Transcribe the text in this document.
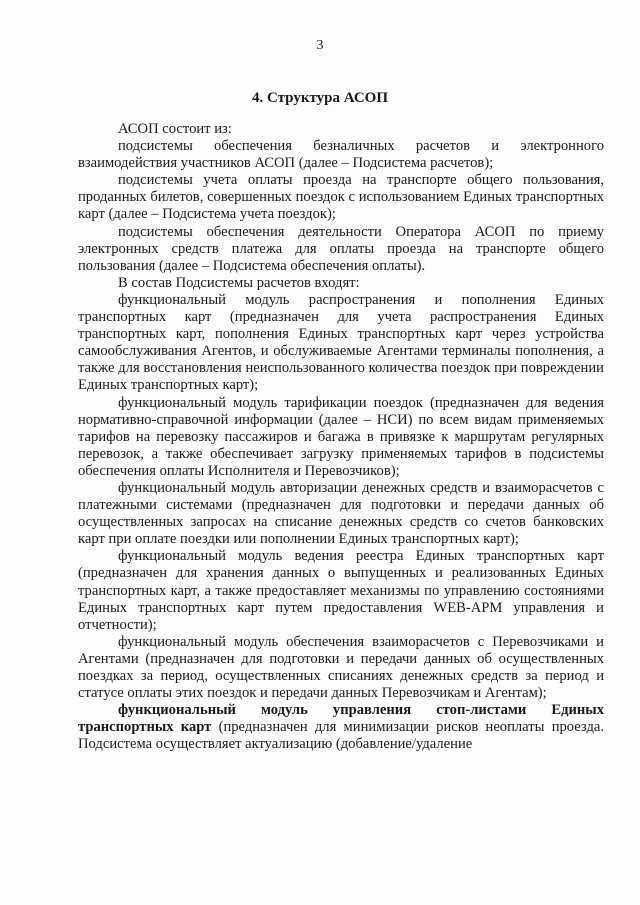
3
4. Структура АСОП

АСОП состоит из:

подсистемы обеспечения безналичных расчетов и электронного взаимодействия участников АСОП (далее – Подсистема расчетов);

подсистемы учета оплаты проезда на транспорте общего пользования, проданных билетов, совершенных поездок с использованием Единых транспортных карт (далее – Подсистема учета поездок);

подсистемы обеспечения деятельности Оператора АСОП по приему электронных средств платежа для оплаты проезда на транспорте общего пользования (далее – Подсистема обеспечения оплаты).

В состав Подсистемы расчетов входят:

функциональный модуль распространения и пополнения Единых транспортных карт (предназначен для учета распространения Единых транспортных карт, пополнения Единых транспортных карт через устройства самообслуживания Агентов, и обслуживаемые Агентами терминалы пополнения, а также для восстановления неиспользованного количества поездок при повреждении Единых транспортных карт);

функциональный модуль тарификации поездок (предназначен для ведения нормативно-справочной информации (далее – НСИ) по всем видам применяемых тарифов на перевозку пассажиров и багажа в привязке к маршрутам регулярных перевозок, а также обеспечивает загрузку применяемых тарифов в подсистемы обеспечения оплаты Исполнителя и Перевозчиков);

функциональный модуль авторизации денежных средств и взаиморасчетов с платежными системами (предназначен для подготовки и передачи данных об осуществленных запросах на списание денежных средств со счетов банковских карт при оплате поездки или пополнении Единых транспортных карт);

функциональный модуль ведения реестра Единых транспортных карт (предназначен для хранения данных о выпущенных и реализованных Единых транспортных карт, а также предоставляет механизмы по управлению состояниями Единых транспортных карт путем предоставления WEB-АРМ управления и отчетности);

функциональный модуль обеспечения взаиморасчетов с Перевозчиками и Агентами (предназначен для подготовки и передачи данных об осуществленных поездках за период, осуществленных списаниях денежных средств за период и статусе оплаты этих поездок и передачи данных Перевозчикам и Агентам);

функциональный модуль управления стоп-листами Единых транспортных карт (предназначен для минимизации рисков неоплаты проезда. Подсистема осуществляет актуализацию (добавление/удаление
